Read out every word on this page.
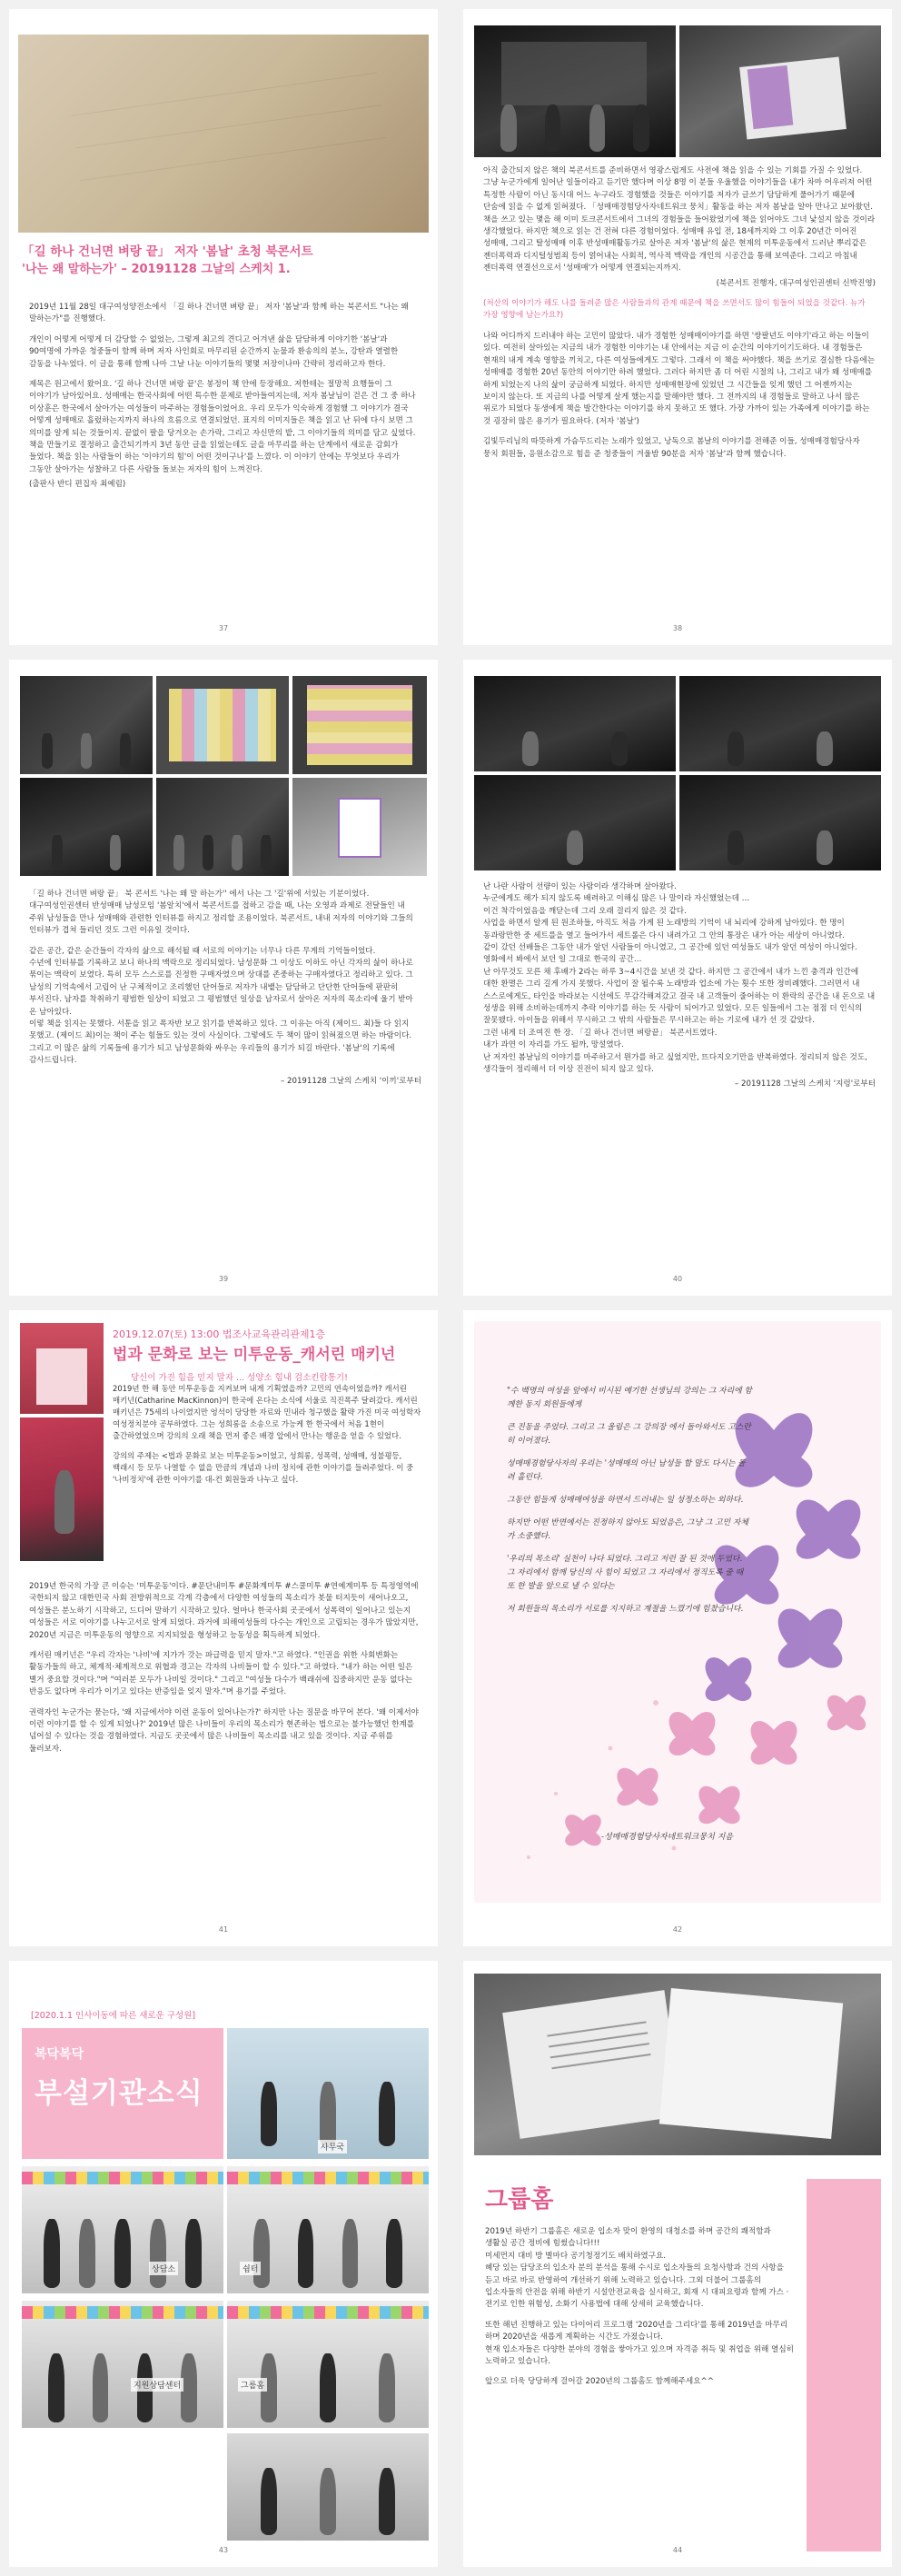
「길 하나 건너면 벼랑 끝」 저자 '봄날' 초청 북콘서트
'나는 왜 말하는가' – 20191128 그날의 스케치 1.

2019년 11월 28일 대구여성양전소에서 「길 하나 건너면 벼랑 끝」 저자 '봄날'과 함께 하는 북콘서트 "나는 왜 말하는가"를 진행했다.

개인이 어떻게 어떻게 더 감당할 수 없었는, 그렇게 최고의 견디고 어겨낸 삶을 담담하게 이야기한 '봄날'과 90여명에 가까운 청중들이 함께 하며 저자 사인회로 마무리된 순간까지 눈물과 환송의의 분노, 강탄과 열렬한 감동을 나누었다. 이 글을 통해 함께 나마 그날 나눈 이야기들의 몇몇 저장이나마 간략히 정리하고자 한다.

제목은 원고에서 왔어요. '길 하나 건너면 벼랑 끝'은 봉정이 책 안에 등장해요. 저한테는 절망적 요행들이 그 이야기가 남아있어요. 성매매는 한국사회에 어떤 특수한 문제로 받아들여지는데, 저자 봄날님이 걷은 건 그 중 하나 이상훈은 한국에서 살아가는 여성들이 마주하는 경험들이었어요. 우리 모두가 익숙하게 경험했 그 이야기가 결국 어떻게 성매매로 흘렀하는지까지 하나의 흐름으로 연결되었던. 표지의 이미지들은 책을 읽고 난 뒤에 다시 보면 그 의미를 알게 되는 것들이지. 끝없이 팔을 당겨오는 손가락, 그리고 자신만의 밭, 그 이야기들의 의미를 담고 싶었다. 책을 만들기로 결정하고 출간되기까지 3년 동안 글을 읽었는데도 글을 마무리를 하는 단계에서 새로운 감회가 들었다. 책을 읽는 사람들이 하는 '이야기의 힘'이 어떤 것이구나'를 느꼈다. 이 이야기 안에는 무엇보다 우리가 그동안 살아가는 성찰하고 다른 사람들 돌보는 저자의 힘이 느껴진다.

(출판사 반디 편집자 최예림)

37

아직 출간되지 않은 책의 북콘서트를 준비하면서 영광스럽게도 사전에 책을 읽을 수 있는 기회를 가질 수 있었다. 그냥 누군가에게 일어난 일들이라고 듣기만 했다며 이상 8명 이 분들 우울했을 이야기들을 내가 차마 어우러져 어떤 특정한 사람이 아닌 동시대 어느 누구라도 경험했을 것들은 이야기를 저자가 글쓰기 담담하게 풀어가기 때문에 단숨에 읽을 수 없게 읽혀졌다. 「성매매경험당사자네트워크 뭉치」활동을 하는 저자 봄날을 알아 만나고 보아왔던. 책을 쓰고 있는 몇을 해 이미 토크콘서트에서 그녀의 경험들을 들어왔었기에 책을 읽어야도 그녀 낯설지 않을 것이라 생각했었다. 하지만 책으로 읽는 건 전혀 다른 경험이었다. 성매매 유입 전, 18세까지와 그 이후 20년간 이어진 성매매, 그리고 탈성매매 이후 반성매매활동가로 살아온 저자 '봄날'의 삶은 현재의 미투운동에서 드러난 뿌리같은 젠더폭력과 디지털성범죄 등이 얽어내는 사회적, 역사적 맥락을 개인의 시공간을 통해 보여준다. 그리고 마침내 젠더폭력 연결선으로서 '성매매'가 어떻게 연결되는지까지.

(북콘서트 진행자, 대구여성인권센터 신박진영)

(처산의 이야기가 해도 나를 돌려준 많은 사람들과의 관계 때문에 책을 쓰면서도 많이 힘들어 되었을 것같다. 뉴가 가장 영향에 남는가요?)

나와 어디까지 드러내야 하는 고민이 많았다. 내가 경험한 성매매이야기를 하면 '쌍팔년도 이야기'라고 하는 이들이 있다. 여전히 살아있는 지금의 내가 경험한 이야기는 내 안에서는 지금 이 순간의 이야기이기도하다. 내 경험들은 현재의 내게 계속 영향을 끼치고, 다른 여성들에게도 그렇다. 그래서 이 책을 써야했다. 책을 쓰기로 결심한 다음에는 성매매를 경험한 20년 동안의 이야기만 하려 했었다. 그러다 하지만 좀 더 어린 시절의 나, 그리고 내가 왜 성매매를 하게 되었는지 나의 삶이 궁금하게 되었다. 하지만 성매매현장에 있었던 그 시간들을 잊게 했던 그 어젠까지는 보이지 않는다. 또 지금의 나를 어떻게 살게 했는지를 말해야만 했다. 그 전까지의 내 경험들로 말하고 나서 많은 위로가 되었다 동생에게 책을 발간한다는 이야기를 하지 못하고 또 했다. 가장 가까이 있는 가족에게 이야기를 하는 것 굉장히 많은 용기가 필요하다. (저자 '봄날')

김빛두리님의 따뜻하게 가슴두드리는 노래가 있었고, 낭독으로 봄날의 이야기를 전해준 이들, 성매매경험당사자 뭉치 회원들, 응원소감으로 힘을 준 청중들이 겨울밤 90분을 저자 '봄날'과 함께 했습니다.

38

「길 하나 건너면 벼랑 끝」 북 콘서트 '나는 왜 말 하는가'' 에서 나는 그 '길'위에 서있는 기분이었다. 대구여성인권센터 반성매매 남성모임 '봄알치'에서 북콘서트를 접하고 감을 때, 나는 오영과 과제로 전달들인 내 주위 남성들을 만나 성매매와 관련한 인터뷰를 하지고 정리할 조용이었다. 북콘서트, 내내 저자의 이야기와 그들의 인터뷰가 겹쳐 들리던 것도 그런 이유일 것이다.

같은 공간, 같은 순간들이 각자의 삶으로 해석될 때 서로의 이야기는 너무나 다른 무게의 기억들이었다.
수년에 인터뷰를 기록하고 보니 하나의 맥락으로 정리되었다. 남성문화 그 이상도 이하도 아닌 각자의 삶이 하나로 묶이는 맥락이 보였다. 특히 모두 스스로를 진정한 구매자였으며 상대를 존중하는 구매자였다고 정리하고 있다. 그 남성의 기억속에서 고립어 난 구체적이고 조리했던 단어들로 저자가 내뱉는 담담하고 단단한 단어들에 판판히 부서진다. 남자를 착취하기 평범한 일상이 되었고 그 평범했던 일상을 남자로서 살아온 저자의 목소리에 울기 받아 온 남아있다.
이렇 책을 읽지는 못했다. 서툰을 읽고 폭자반 보고 읽기를 반복하고 있다. 그 이유는 아직 (제이드. 최)들 다 읽지 못했고. (제이드 최)이는 책이 주는 힘들도 있는 것이 사실이다. 그렇에도 두 책이 많이 읽혀졌으면 하는 바람이다.
그리고 이 많은 삶의 기록들에 용기가 되고 남성문화와 싸우는 우리들의 용기가 되길 바란다. '봄날'의 기록에 감사드립니다.

– 20191128 그날의 스케치 '이끼'로부터

39

난 나란 사람이 선량이 있는 사람이라 생각하며 살아왔다.
누군에게도 해가 되지 않도록 배려하고 이해심 많은 나 말이라 자신했었는데 …
이건 착각이었음을 깨닫는데 그리 오래 걸리지 않은 것 같다.
사업을 하면서 알게 된 원조하들, 아직도 처음 가게 된 노래방의 기억이 내 뇌리에 강하게 남아있다. 한 명이 동과랑만한 중 세트를을 열고 들어가서 세트롤은 다시 내려가고 그 안의 통장은 내가 아는 세상이 아니였다.
같이 갔던 선배들은 그동안 내가 알던 사람들이 아니였고, 그 공간에 있던 여성들도 내가 알던 여성이 아니었다. 영화에서 봐에서 보던 일 그대로 한국의 공간…
난 아무것도 모른 채 후배가 2라는 하루 3~4시간을 보낸 것 같다. 하지만 그 공간에서 내가 느낀 충격과 인간에 대한 환멸은 그리 길게 가지 못했다. 사업이 잘 될수록 노래방과 업소에 가는 횟수 또한 정비례했다. 그러면서 내 스스로에게도, 타인을 바라보는 시선에도 무감각해져갔고 결국 내 고객들이 줄어하는 이 환락의 공간을 내 돈으로 내 성생을 위해 소비하는데까지 추락 이야기를 하는 듯 사람이 되어가고 있었다. 모든 일들에서 그는 점점 더 인식의 잘못됐다. 아이들을 위해서 무시하고 그 밖의 사람들은 무시하고는 하는 기로에 내가 선 것 같았다.
그런 내게 더 조여진 한 장. 「길 하나 건너면 벼랑끝」 북콘서트였다.
내가 과연 이 자리를 가도 될까, 망설였다.
난 저자인 봄날님의 이야기를 마주하고서 뭔가를 하고 싶었지만, 뜨다지오기만을 반복하였다. 정리되지 않은 것도, 생각들이 정리해서 더 이상 진전이 되지 않고 있다.

– 20191128 그날의 스케치 '지렁'로부터

40
2019.12.07(토) 13:00 법조사교육관리관제1층
법과 문화로 보는 미투운동_캐서린 매키넌
당신이 가진 힘을 믿지 말자 ... 성양소 힘내 검소킨람통기!

2019년 한 해 동안 미투운동을 지켜보며 내게 기획였을까? 고민의 연속이었을까? 캐서린 매키넌(Catharine MacKinnon)이 한국에 온다는 소식에 서울로 직진폭주 달려갔다. 캐서린 매키넌은 75세의 나이였지만 엉석이 당당한 자료와 민내라 청구했을 활략 가진 미국 여성학자 여성정치분야 공부하였다. 그는 성희롱을 소송으로 가능케 한 한국에서 처음 1현이 출간하였었으며 강의의 오래 책을 먼저 좋은 배경 앞에서 만나는 행운을 얻을 수 있었다.

강의의 주제는 <법과 문화로 보는 미투운동>이었고, 성희롱, 성폭력, 성매매, 성불평등, 백래시 등 모두 나열할 수 없을 만큼의 개념과 나비 정치에 관한 이야기를 들려주었다. 이 중 '나비정치'에 관한 이야기를 대-컨 회원들과 나누고 싶다.

2019년 한국의 가장 큰 이슈는 '미투운동'이다. #문단내미투 #문화계미투 #스쿨미투 #연예계미투 등 특정영역에 국한되지 않고 대한민국 사회 전방위적으로 각계 각층에서 다양한 여성들의 목소리가 봇물 터지듯이 새어나오고, 여성들은 분노하기 시작하고, 드디어 말하기 시작하고 있다. 얼마나 한국사회 곳곳에서 성폭력이 일어나고 있는지 여성들은 서로 이야기를 나누고서로 알게 되었다. 과거에 피해여성들의 다수는 개인으로 고립되는 경우가 많았지만, 2020년 지금은 미투운동의 영향으로 지지되었을 형성하고 능동성을 획득하게 되었다.

캐서린 매키넌은 "우리 각자는 '나비'에 지가가 갓는 파급력을 믿지 말자."고 하였다. "인권을 위한 사회변화는 활동가들의 하고, 체계적·체계적으로 위협과 경고는 각자의 나비들이 할 수 있다."고 하였다. "내가 하는 어떤 일은 별거 중요할 것이다."며 "여러분 모두가 나비일 것이다." 그리고 "여성들 다수가 백래쉬에 집중하지만 운동 없다는 반응도 없다며 우리가 이기고 있다는 반증임을 잊지 말자."며 용기를 주었다.

권력자인 누군가는 묻는다, '왜 지금에서야 이런 운동이 있어나는가?' 하지만 나는 질문을 바꾸어 본다. '왜 이제서야 이런 이야기를 할 수 있게 되었나?' 2019년 많은 나비들이 우리의 목소리가 현존하는 법으로는 불가능했던 한계를 넘어설 수 있다는 것을 경험하였다. 지금도 곳곳에서 많은 나비들이 목소리를 내고 있을 것이다. 지금 주위를 둘러보자.

41

"수 백명의 여성을 앞에서 비시된 예기한 선생님의 강의는 그 자리에 함께한 동지 회원들에게

큰 진동을 주었다. 그리고 그 울림은 그 강의장 에서 돌아와서도 고스란히 이어졌다.

성매매경험당사자의 우리는 '성매매의 아닌 남성들 할 말도 다시는 돌려 흘린다.

그동안 힘들게 성매매여성을 하면서 드러내는 일 성정소하는 외하다.

하지만 어떤 반면에서는 진정하지 않아도 되었음은, 그냥 그 고민 자체가 소중했다.

'우리의 목소리' 실천이 나다 되었다. 그리고 저런 잘 된 것에 두었다. 그 자리에서 함께 당신의 사 힘이 되었고 그 자리에서 정직도록 줄 때 또 한 발을 앞으로 낼 수 있다는

저 회원들의 목소리가 서로를 지지하고 계절을 느꼈기에 힘찼습니다.

-성매매경험당사자네트워크뭉치 지음
42
[2020.1.1 인사이동에 따른 새로운 구성원]
복닥복닥
부설기관소식
사무국
상담소	쉼터
지원상담센터	그룹홈
43
그룹홈

2019년 하반기 그룹홈은 새로운 입소자 맞이 환영의 대청소를 하며 공간의 쾌적함과 생활실 공간 정비에 힘썼습니다!!!
미세먼지 대비 방 별마다 공기청정기도 배치하였구요.
혜당 있는 담당조의 입소자 분의 분석을 통해 수시로 입소자들의 요청사항과 건의 사항을 듣고 바로 바로 반영하여 개선하기 위해 노력하고 있습니다. 그외 더불어 그룹홈의 입소자들의 안전을 위해 하반기 시설안전교육을 실시하고, 회재 시 대피요령과 함께 가스 · 전기로 인한 위험성, 소화기 사용법에 대해 상세히 교육했습니다.

또한 해년 진행하고 있는 다이어리 프로그램 '2020년을 그리다'를 통해 2019년을 마무리 하며 2020년을 새롭게 계획하는 시간도 가졌습니다.
현재 입소자들은 다양한 분야의 경험을 쌓아가고 있으며 자격증 취득 및 취업을 위해 열심히 노력하고 있습니다.

앞으로 더욱 당당하게 걸어갈 2020년의 그룹홈도 함께해주세요^^

44
